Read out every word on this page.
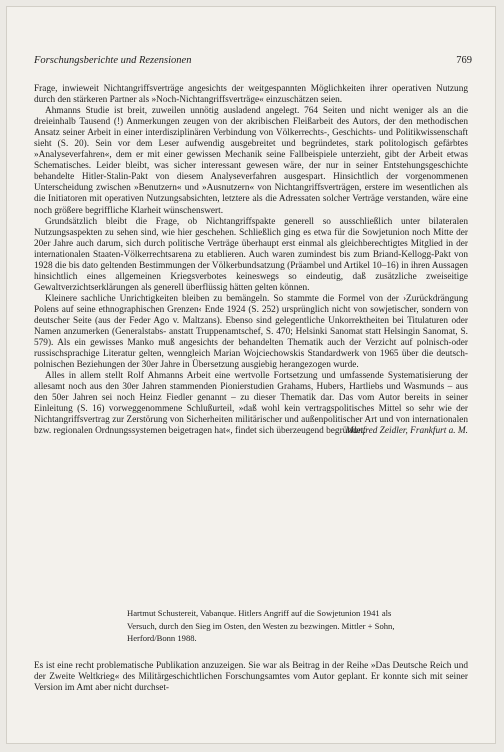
Forschungsberichte und Rezensionen	769

Frage, inwieweit Nichtangriffsverträge angesichts der weitgespannten Möglichkeiten ihrer operativen Nutzung durch den stärkeren Partner als »Noch-Nichtangriffsverträge« einzuschätzen seien.

Ahmanns Studie ist breit, zuweilen unnötig ausladend angelegt. 764 Seiten und nicht weniger als an die dreieinhalb Tausend (!) Anmerkungen zeugen von der akribischen Fleißarbeit des Autors, der den methodischen Ansatz seiner Arbeit in einer interdisziplinären Verbindung von Völkerrechts-, Geschichts- und Politikwissenschaft sieht (S. 20). Sein vor dem Leser aufwendig ausgebreitet und begründetes, stark politologisch gefärbtes »Analyseverfahren«, dem er mit einer gewissen Mechanik seine Fallbeispiele unterzieht, gibt der Arbeit etwas Schematisches. Leider bleibt, was sicher interessant gewesen wäre, der nur in seiner Entstehungsgeschichte behandelte Hitler-Stalin-Pakt von diesem Analyseverfahren ausgespart. Hinsichtlich der vorgenommenen Unterscheidung zwischen »Benutzern« und »Ausnutzern« von Nichtangriffsverträgen, erstere im wesentlichen als die Initiatoren mit operativen Nutzungsabsichten, letztere als die Adressaten solcher Verträge verstanden, wäre eine noch größere begriffliche Klarheit wünschenswert.

Grundsätzlich bleibt die Frage, ob Nichtangriffspakte generell so ausschließlich unter bilateralen Nutzungsaspekten zu sehen sind, wie hier geschehen. Schließlich ging es etwa für die Sowjetunion noch Mitte der 20er Jahre auch darum, sich durch politische Verträge überhaupt erst einmal als gleichberechtigtes Mitglied in der internationalen Staaten-Völkerrechtsarena zu etablieren. Auch waren zumindest bis zum Briand-Kellogg-Pakt von 1928 die bis dato geltenden Bestimmungen der Völkerbundsatzung (Präambel und Artikel 10–16) in ihren Aussagen hinsichtlich eines allgemeinen Kriegsverbotes keineswegs so eindeutig, daß zusätzliche zweiseitige Gewaltverzichtserklärungen als generell überflüssig hätten gelten können.

Kleinere sachliche Unrichtigkeiten bleiben zu bemängeln. So stammte die Formel von der ›Zurückdrängung Polens auf seine ethnographischen Grenzen‹ Ende 1924 (S. 252) ursprünglich nicht von sowjetischer, sondern von deutscher Seite (aus der Feder Ago v. Maltzans). Ebenso sind gelegentliche Unkorrektheiten bei Titulaturen oder Namen anzumerken (Generalstabs- anstatt Truppenamtschef, S. 470; Helsinki Sanomat statt Helsingin Sanomat, S. 579). Als ein gewisses Manko muß angesichts der behandelten Thematik auch der Verzicht auf polnisch-oder russischsprachige Literatur gelten, wenngleich Marian Wojciechowskis Standardwerk von 1965 über die deutsch-polnischen Beziehungen der 30er Jahre in Übersetzung ausgiebig herangezogen wurde.

Alles in allem stellt Rolf Ahmanns Arbeit eine wertvolle Fortsetzung und umfassende Systematisierung der allesamt noch aus den 30er Jahren stammenden Pionierstudien Grahams, Hubers, Hartliebs und Wasmunds – aus den 50er Jahren sei noch Heinz Fiedler genannt – zu dieser Thematik dar. Das vom Autor bereits in seiner Einleitung (S. 16) vorweggenommene Schlußurteil, »daß wohl kein vertragspolitisches Mittel so sehr wie der Nichtangriffsvertrag zur Zerstörung von Sicherheiten militärischer und außenpolitischer Art und von internationalen bzw. regionalen Ordnungssystemen beigetragen hat«, findet sich überzeugend begründet.

Manfred Zeidler, Frankfurt a. M.
Hartmut Schustereit, Vabanque. Hitlers Angriff auf die Sowjetunion 1941 als
Versuch, durch den Sieg im Osten, den Westen zu bezwingen. Mittler + Sohn,
Herford/Bonn 1988.

Es ist eine recht problematische Publikation anzuzeigen. Sie war als Beitrag in der Reihe »Das Deutsche Reich und der Zweite Weltkrieg« des Militärgeschichtlichen Forschungsamtes vom Autor geplant. Er konnte sich mit seiner Version im Amt aber nicht durchset-
